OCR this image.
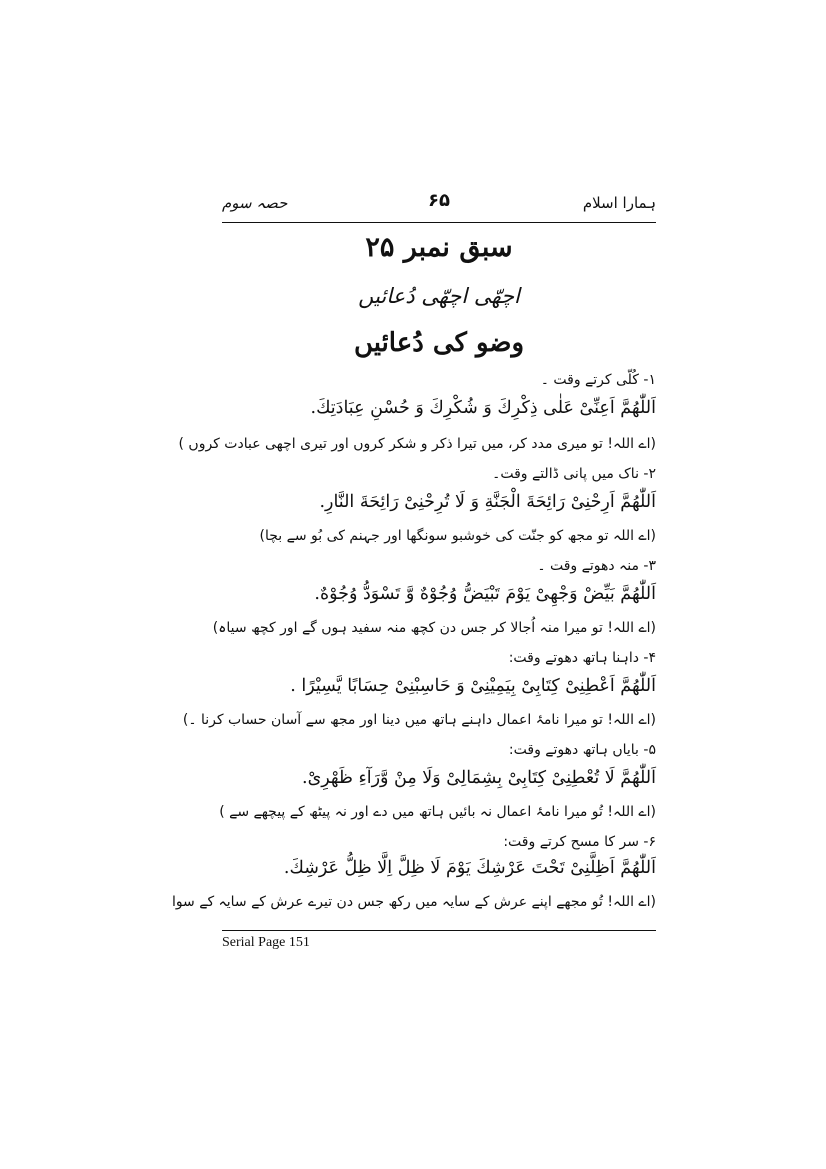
حصہ سوم	۶۵	ہمارا اسلام
سبق نمبر ۲۵
اچھّی اچھّی دُعائیں
وضو کی دُعائیں
۱- کُلّی کرتے وقت ۔
اَللّٰھُمَّ اَعِنِّیْ عَلٰی ذِکْرِكَ وَ شُکْرِكَ وَ حُسْنِ عِبَادَتِكَ.
(اے اللہ! تو میری مدد کر، میں تیرا ذکر و شکر کروں اور تیری اچھی عبادت کروں )
۲- ناک میں پانی ڈالتے وقت۔
اَللّٰھُمَّ اَرِحْنِیْ رَائِحَةَ الْجَنَّةِ وَ لَا تُرِحْنِیْ رَائِحَةَ النَّارِ.
(اے اللہ تو مجھ کو جنّت کی خوشبو سونگھا اور جہنم کی بُو سے بچا)
۳- منہ دھوتے وقت ۔
اَللّٰھُمَّ بَیِّضْ وَجْھِیْ یَوْمَ تَبْیَضُّ وُجُوْهٌ وَّ تَسْوَدُّ وُجُوْهٌ.
(اے اللہ! تو میرا منہ اُجالا کر جس دن کچھ منہ سفید ہوں گے اور کچھ سیاہ)
۴- داہنا ہاتھ دھوتے وقت:
اَللّٰھُمَّ اَعْطِنِیْ کِتَابِیْ بِیَمِیْنِیْ وَ حَاسِبْنِیْ حِسَابًا یَّسِیْرًا .
(اے اللہ! تو میرا نامۂ اعمال داہنے ہاتھ میں دینا اور مجھ سے آسان حساب کرنا ۔)
۵- بایاں ہاتھ دھوتے وقت:
اَللّٰھُمَّ لَا تُعْطِنِیْ کِتَابِیْ بِشِمَالِیْ وَلَا مِنْ وَّرَآءِ ظَھْرِیْ.
(اے اللہ! تُو میرا نامۂ اعمال نہ بائیں ہاتھ میں دے اور نہ پیٹھ کے پیچھے سے )
۶- سر کا مسح کرتے وقت:
اَللّٰھُمَّ اَظِلَّنِیْ تَحْتَ عَرْشِكَ یَوْمَ لَا ظِلَّ اِلَّا ظِلُّ عَرْشِكَ.
(اے اللہ! تُو مجھے اپنے عرش کے سایہ میں رکھ جس دن تیرے عرش کے سایہ کے سوا
Serial Page 151
